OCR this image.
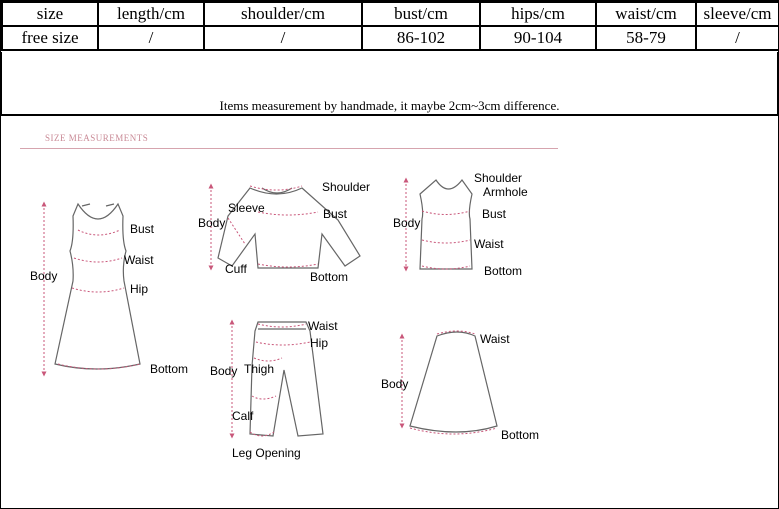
size	length/cm	shoulder/cm	bust/cm	hips/cm	waist/cm	sleeve/cm
free size	/	/	86-102	90-104	58-79	/
Items measurement by handmade, it maybe 2cm~3cm difference.
SIZE MEASUREMENTS
Body
Bust
Waist
Hip
Bottom
Shoulder
Body
Sleeve	Bust
Cuff
Bottom
Shoulder
Armhole
Body
Bust
Waist
Bottom
Waist
Hip
Body Thigh
Calf
Leg Opening
Waist
Body
Bottom
